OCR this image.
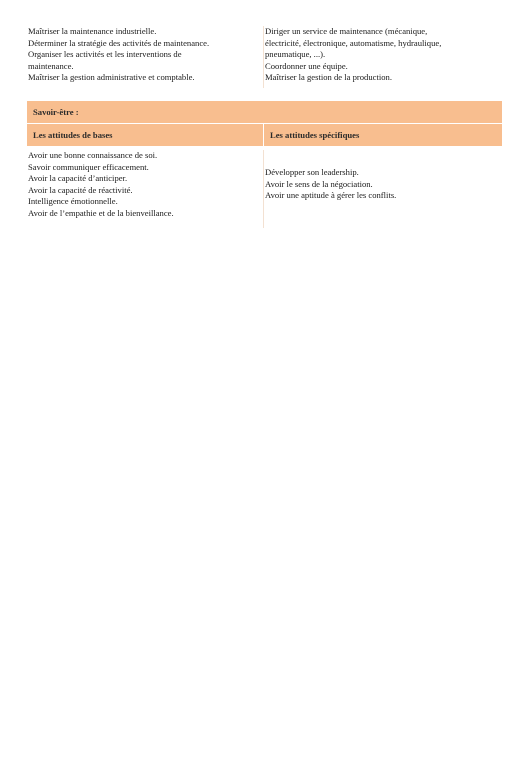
Maîtriser la maintenance industrielle.
Déterminer la stratégie des activités de maintenance.
Organiser les activités et les interventions de
maintenance.
Maîtriser la gestion administrative et comptable.
Diriger un service de maintenance (mécanique,
électricité, électronique, automatisme, hydraulique,
pneumatique, ...).
Coordonner une équipe.
Maîtriser la gestion de la production.
Savoir-être :
Les attitudes de bases	Les attitudes spécifiques
Avoir une bonne connaissance de soi.
Savoir communiquer efficacement.
Avoir la capacité d’anticiper.
Avoir la capacité de réactivité.
Intelligence émotionnelle.
Avoir de l’empathie et de la bienveillance.
Développer son leadership.
Avoir le sens de la négociation.
Avoir une aptitude à gérer les conflits.
